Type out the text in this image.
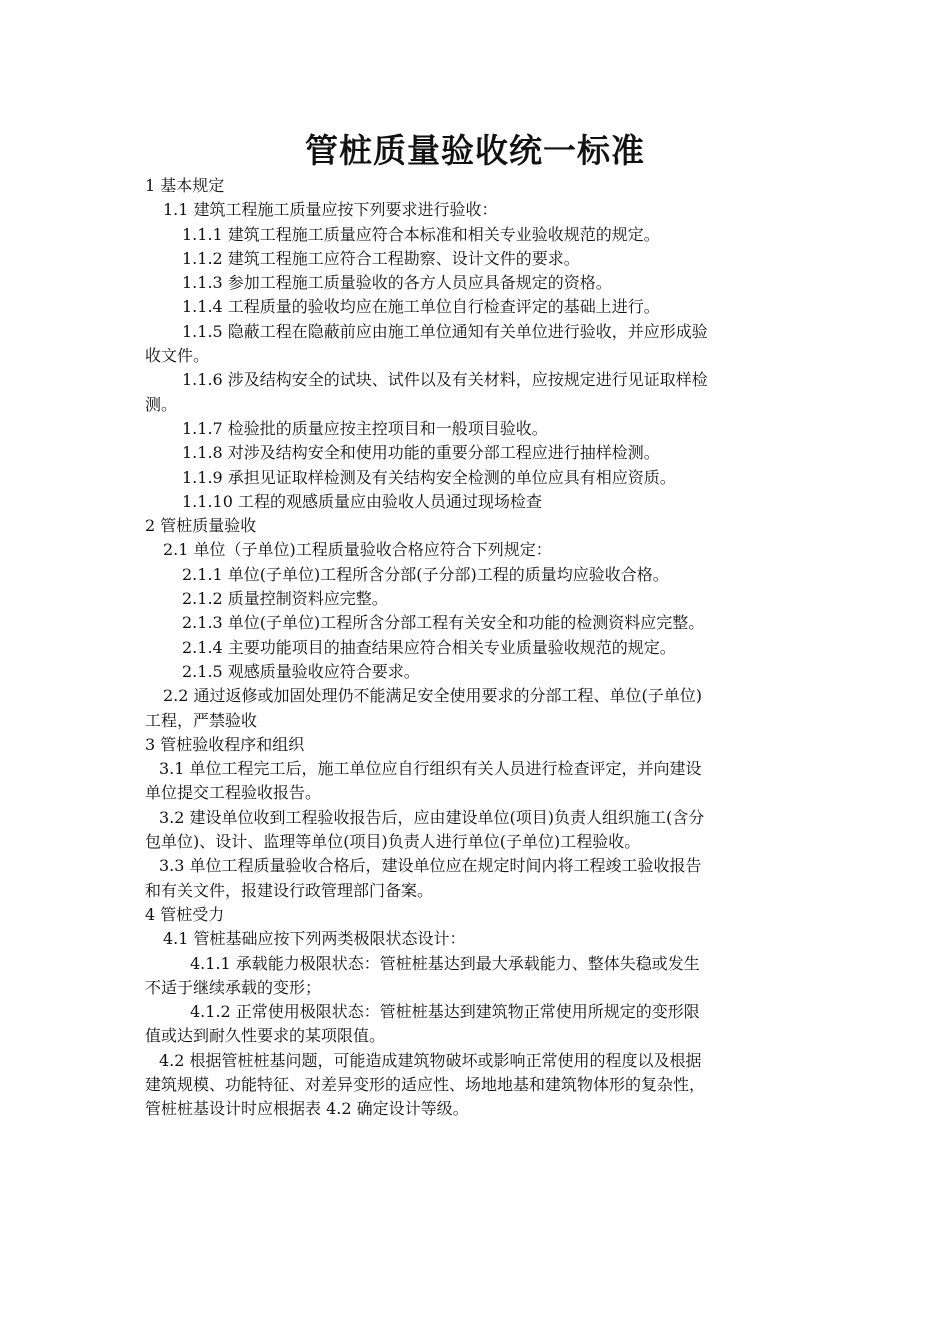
管桩质量验收统一标准
1 基本规定
1.1 建筑工程施工质量应按下列要求进行验收：
1.1.1 建筑工程施工质量应符合本标准和相关专业验收规范的规定。
1.1.2 建筑工程施工应符合工程勘察、设计文件的要求。
1.1.3 参加工程施工质量验收的各方人员应具备规定的资格。
1.1.4 工程质量的验收均应在施工单位自行检查评定的基础上进行。
1.1.5 隐蔽工程在隐蔽前应由施工单位通知有关单位进行验收，并应形成验
收文件。
1.1.6 涉及结构安全的试块、试件以及有关材料，应按规定进行见证取样检
测。
1.1.7 检验批的质量应按主控项目和一般项目验收。
1.1.8 对涉及结构安全和使用功能的重要分部工程应进行抽样检测。
1.1.9 承担见证取样检测及有关结构安全检测的单位应具有相应资质。
1.1.10 工程的观感质量应由验收人员通过现场检查
2 管桩质量验收
2.1 单位（子单位)工程质量验收合格应符合下列规定：
2.1.1 单位(子单位)工程所含分部(子分部)工程的质量均应验收合格。
2.1.2 质量控制资料应完整。
2.1.3 单位(子单位)工程所含分部工程有关安全和功能的检测资料应完整。
2.1.4 主要功能项目的抽查结果应符合相关专业质量验收规范的规定。
2.1.5 观感质量验收应符合要求。
2.2 通过返修或加固处理仍不能满足安全使用要求的分部工程、单位(子单位)
工程，严禁验收
3 管桩验收程序和组织
3.1 单位工程完工后，施工单位应自行组织有关人员进行检查评定，并向建设
单位提交工程验收报告。
3.2 建设单位收到工程验收报告后，应由建设单位(项目)负责人组织施工(含分
包单位)、设计、监理等单位(项目)负责人进行单位(子单位)工程验收。
3.3 单位工程质量验收合格后，建设单位应在规定时间内将工程竣工验收报告
和有关文件，报建设行政管理部门备案。
4 管桩受力
4.1 管桩基础应按下列两类极限状态设计：
4.1.1 承载能力极限状态：管桩桩基达到最大承载能力、整体失稳或发生
不适于继续承载的变形；
4.1.2 正常使用极限状态：管桩桩基达到建筑物正常使用所规定的变形限
值或达到耐久性要求的某项限值。
4.2 根据管桩桩基问题，可能造成建筑物破坏或影响正常使用的程度以及根据
建筑规模、功能特征、对差异变形的适应性、场地地基和建筑物体形的复杂性，
管桩桩基设计时应根据表 4.2 确定设计等级。
